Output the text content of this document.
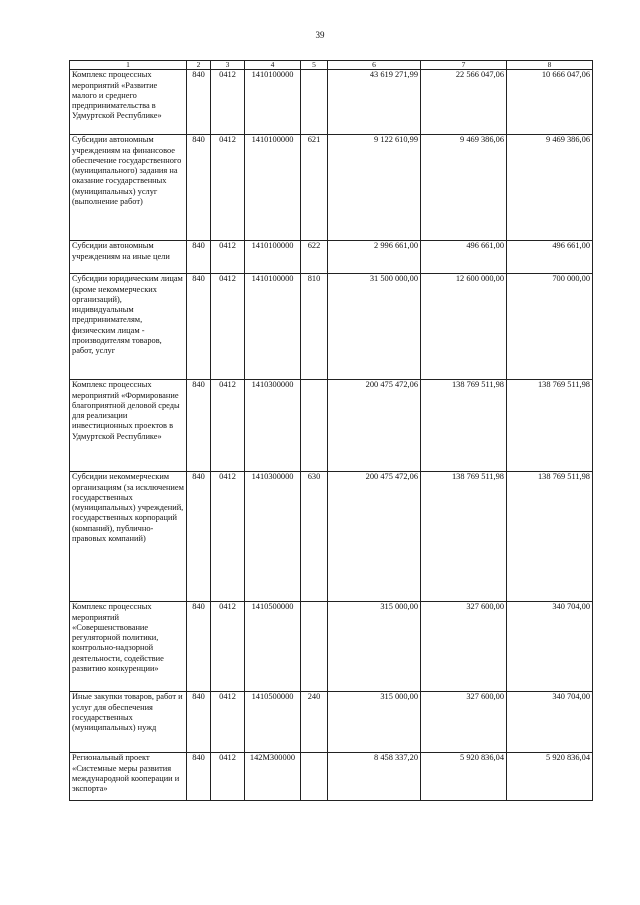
39
1	2	3	4	5	6	7	8
Комплекс процессных мероприятий «Развитие малого и среднего предпринимательства в Удмуртской Республике»	840	0412	1410100000		43 619 271,99	22 566 047,06	10 666 047,06
Субсидии автономным учреждениям на финансовое обеспечение государственного (муниципального) задания на оказание государственных (муниципальных) услуг (выполнение работ)	840	0412	1410100000	621	9 122 610,99	9 469 386,06	9 469 386,06
Субсидии автономным учреждениям на иные цели	840	0412	1410100000	622	2 996 661,00	496 661,00	496 661,00
Субсидии юридическим лицам (кроме некоммерческих организаций), индивидуальным предпринимателям, физическим лицам - производителям товаров, работ, услуг	840	0412	1410100000	810	31 500 000,00	12 600 000,00	700 000,00
Комплекс процессных мероприятий «Формирование благоприятной деловой среды для реализации инвестиционных проектов в Удмуртской Республике»	840	0412	1410300000		200 475 472,06	138 769 511,98	138 769 511,98
Субсидии некоммерческим организациям (за исключением государственных (муниципальных) учреждений, государственных корпораций (компаний), публично-правовых компаний)	840	0412	1410300000	630	200 475 472,06	138 769 511,98	138 769 511,98
Комплекс процессных мероприятий «Совершенствование регуляторной политики, контрольно-надзорной деятельности, содействие развитию конкуренции»	840	0412	1410500000		315 000,00	327 600,00	340 704,00
Иные закупки товаров, работ и услуг для обеспечения государственных (муниципальных) нужд	840	0412	1410500000	240	315 000,00	327 600,00	340 704,00
Региональный проект «Системные меры развития международной кооперации и экспорта»	840	0412	142М300000		8 458 337,20	5 920 836,04	5 920 836,04
